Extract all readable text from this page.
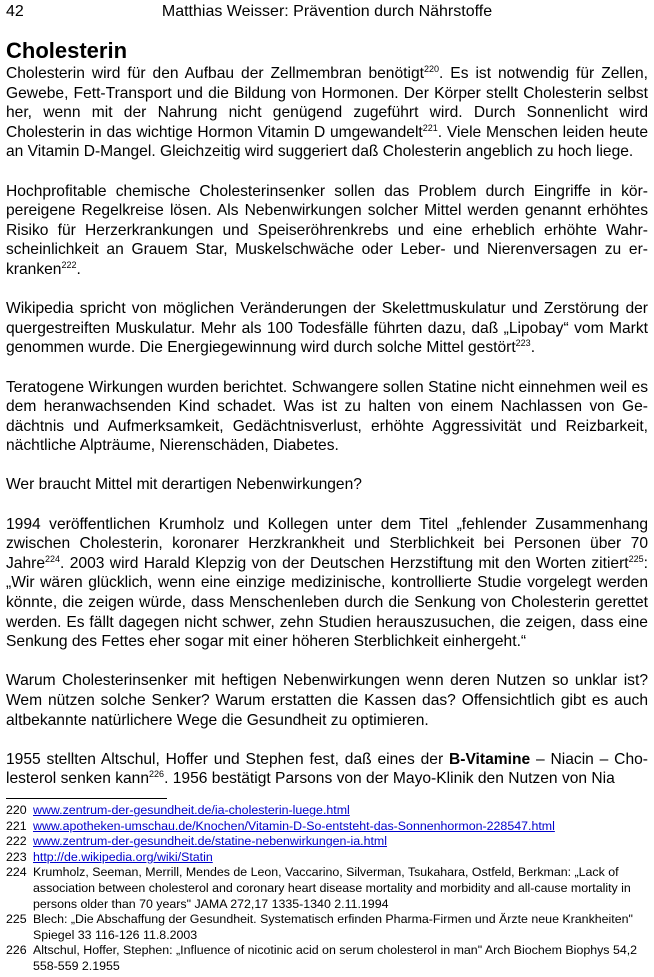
42	Matthias Weisser: Prävention durch Nährstoffe
Cholesterin

Cholesterin wird für den Aufbau der Zellmembran benötigt$^{220}$. Es ist notwendig für Zellen, Gewebe, Fett-Transport und die Bildung von Hormonen. Der Körper stellt Cholesterin selbst her, wenn mit der Nahrung nicht genügend zugeführt wird. Durch Sonnenlicht wird Cholesterin in das wichtige Hormon Vitamin D umgewandelt$^{221}$. Viele Menschen leiden heute an Vitamin D-Mangel. Gleichzeitig wird suggeriert daß Cholesterin angeblich zu hoch liege.

Hochprofitable chemische Cholesterinsenker sollen das Problem durch Eingriffe in körpereigene Regelkreise lösen. Als Nebenwirkungen solcher Mittel werden genannt erhöhtes Risiko für Herzerkrankungen und Speiseröhrenkrebs und eine erheblich erhöhte Wahrscheinlichkeit an Grauem Star, Muskelschwäche oder Leber- und Nierenversagen zu erkranken$^{222}$.

Wikipedia spricht von möglichen Veränderungen der Skelettmuskulatur und Zerstörung der quergestreiften Muskulatur. Mehr als 100 Todesfälle führten dazu, daß „Lipobay“ vom Markt genommen wurde. Die Energiegewinnung wird durch solche Mittel gestört$^{223}$.

Teratogene Wirkungen wurden berichtet. Schwangere sollen Statine nicht einnehmen weil es dem heranwachsenden Kind schadet. Was ist zu halten von einem Nachlassen von Gedächtnis und Aufmerksamkeit, Gedächtnisverlust, erhöhte Aggressivität und Reizbarkeit, nächtliche Alpträume, Nierenschäden, Diabetes.

Wer braucht Mittel mit derartigen Nebenwirkungen?

1994 veröffentlichen Krumholz und Kollegen unter dem Titel „fehlender Zusammenhang zwischen Cholesterin, koronarer Herzkrankheit und Sterblichkeit bei Personen über 70 Jahre$^{224}$. 2003 wird Harald Klepzig von der Deutschen Herzstiftung mit den Worten zitiert$^{225}$: „Wir wären glücklich, wenn eine einzige medizinische, kontrollierte Studie vorgelegt werden könnte, die zeigen würde, dass Menschenleben durch die Senkung von Cholesterin gerettet werden. Es fällt dagegen nicht schwer, zehn Studien herauszusuchen, die zeigen, dass eine Senkung des Fettes eher sogar mit einer höheren Sterblichkeit einhergeht.“

Warum Cholesterinsenker mit heftigen Nebenwirkungen wenn deren Nutzen so unklar ist? Wem nützen solche Senker? Warum erstatten die Kassen das? Offensichtlich gibt es auch altbekannte natürlichere Wege die Gesundheit zu optimieren.

1955 stellten Altschul, Hoffer und Stephen fest, daß eines der B-Vitamine – Niacin – Cholesterol senken kann$^{226}$. 1956 bestätigt Parsons von der Mayo-Klinik den Nutzen von Nia

220 www.zentrum-der-gesundheit.de/ia-cholesterin-luege.html
221 www.apotheken-umschau.de/Knochen/Vitamin-D-So-entsteht-das-Sonnenhormon-228547.html
222 www.zentrum-der-gesundheit.de/statine-nebenwirkungen-ia.html
223 http://de.wikipedia.org/wiki/Statin
224 Krumholz, Seeman, Merrill, Mendes de Leon, Vaccarino, Silverman, Tsukahara, Ostfeld, Berkman: „Lack of association between cholesterol and coronary heart disease mortality and morbidity and all-cause mortality in persons older than 70 years" JAMA 272,17 1335-1340 2.11.1994
225 Blech: „Die Abschaffung der Gesundheit. Systematisch erfinden Pharma-Firmen und Ärzte neue Krankheiten" Spiegel 33 116-126 11.8.2003
226 Altschul, Hoffer, Stephen: „Influence of nicotinic acid on serum cholesterol in man" Arch Biochem Biophys 54,2 558-559 2.1955
